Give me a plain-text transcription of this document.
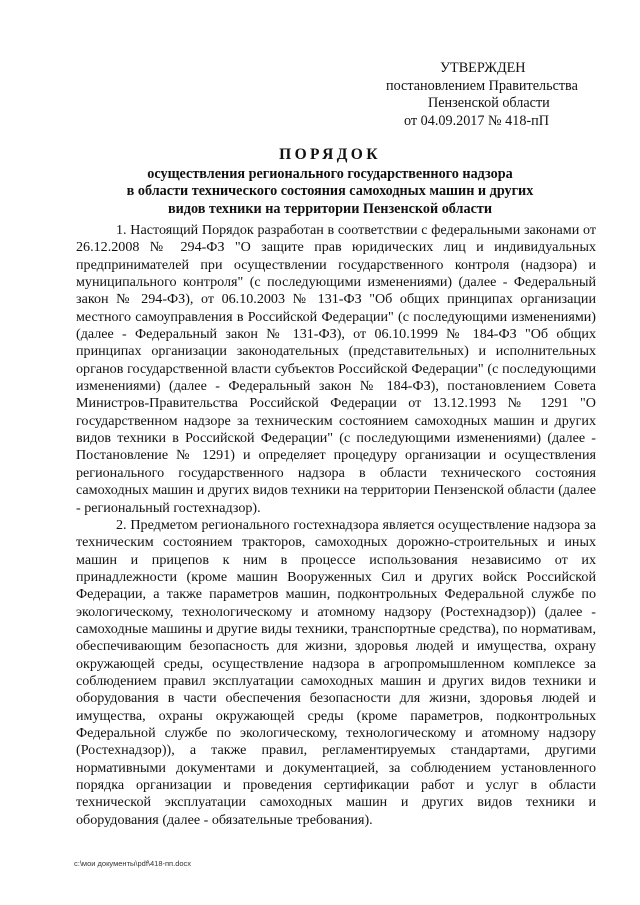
УТВЕРЖДЕН
постановлением Правительства
Пензенской области
от 04.09.2017 № 418-пП
ПОРЯДОК
осуществления регионального государственного надзора
в области технического состояния самоходных машин и других
видов техники на территории Пензенской области

1. Настоящий Порядок разработан в соответствии с федеральными законами от 26.12.2008 № 294-ФЗ "О защите прав юридических лиц и индивидуальных предпринимателей при осуществлении государственного контроля (надзора) и муниципального контроля" (с последующими изменениями) (далее - Федеральный закон № 294-ФЗ), от 06.10.2003 № 131-ФЗ "Об общих принципах организации местного самоуправления в Российской Федерации" (с последующими изменениями) (далее - Федеральный закон № 131-ФЗ), от 06.10.1999 № 184-ФЗ "Об общих принципах организации законодательных (представительных) и исполнительных органов государственной власти субъектов Российской Федерации" (с последующими изменениями) (далее - Федеральный закон № 184-ФЗ), постановлением Совета Министров-Правительства Российской Федерации от 13.12.1993 № 1291 "О государственном надзоре за техническим состоянием самоходных машин и других видов техники в Российской Федерации" (с последующими изменениями) (далее - Постановление № 1291) и определяет процедуру организации и осуществления регионального государственного надзора в области технического состояния самоходных машин и других видов техники на территории Пензенской области (далее - региональный гостехнадзор).

2. Предметом регионального гостехнадзора является осуществление надзора за техническим состоянием тракторов, самоходных дорожно-строительных и иных машин и прицепов к ним в процессе использования независимо от их принадлежности (кроме машин Вооруженных Сил и других войск Российской Федерации, а также параметров машин, подконтрольных Федеральной службе по экологическому, технологическому и атомному надзору (Ростехнадзор)) (далее - самоходные машины и другие виды техники, транспортные средства), по нормативам, обеспечивающим безопасность для жизни, здоровья людей и имущества, охрану окружающей среды, осуществление надзора в агропромышленном комплексе за соблюдением правил эксплуатации самоходных машин и других видов техники и оборудования в части обеспечения безопасности для жизни, здоровья людей и имущества, охраны окружающей среды (кроме параметров, подконтрольных Федеральной службе по экологическому, технологическому и атомному надзору (Ростехнадзор)), а также правил, регламентируемых стандартами, другими нормативными документами и документацией, за соблюдением установленного порядка организации и проведения сертификации работ и услуг в области технической эксплуатации самоходных машин и других видов техники и оборудования (далее - обязательные требования).

c:\мои документы\pdf\418-пп.docx
